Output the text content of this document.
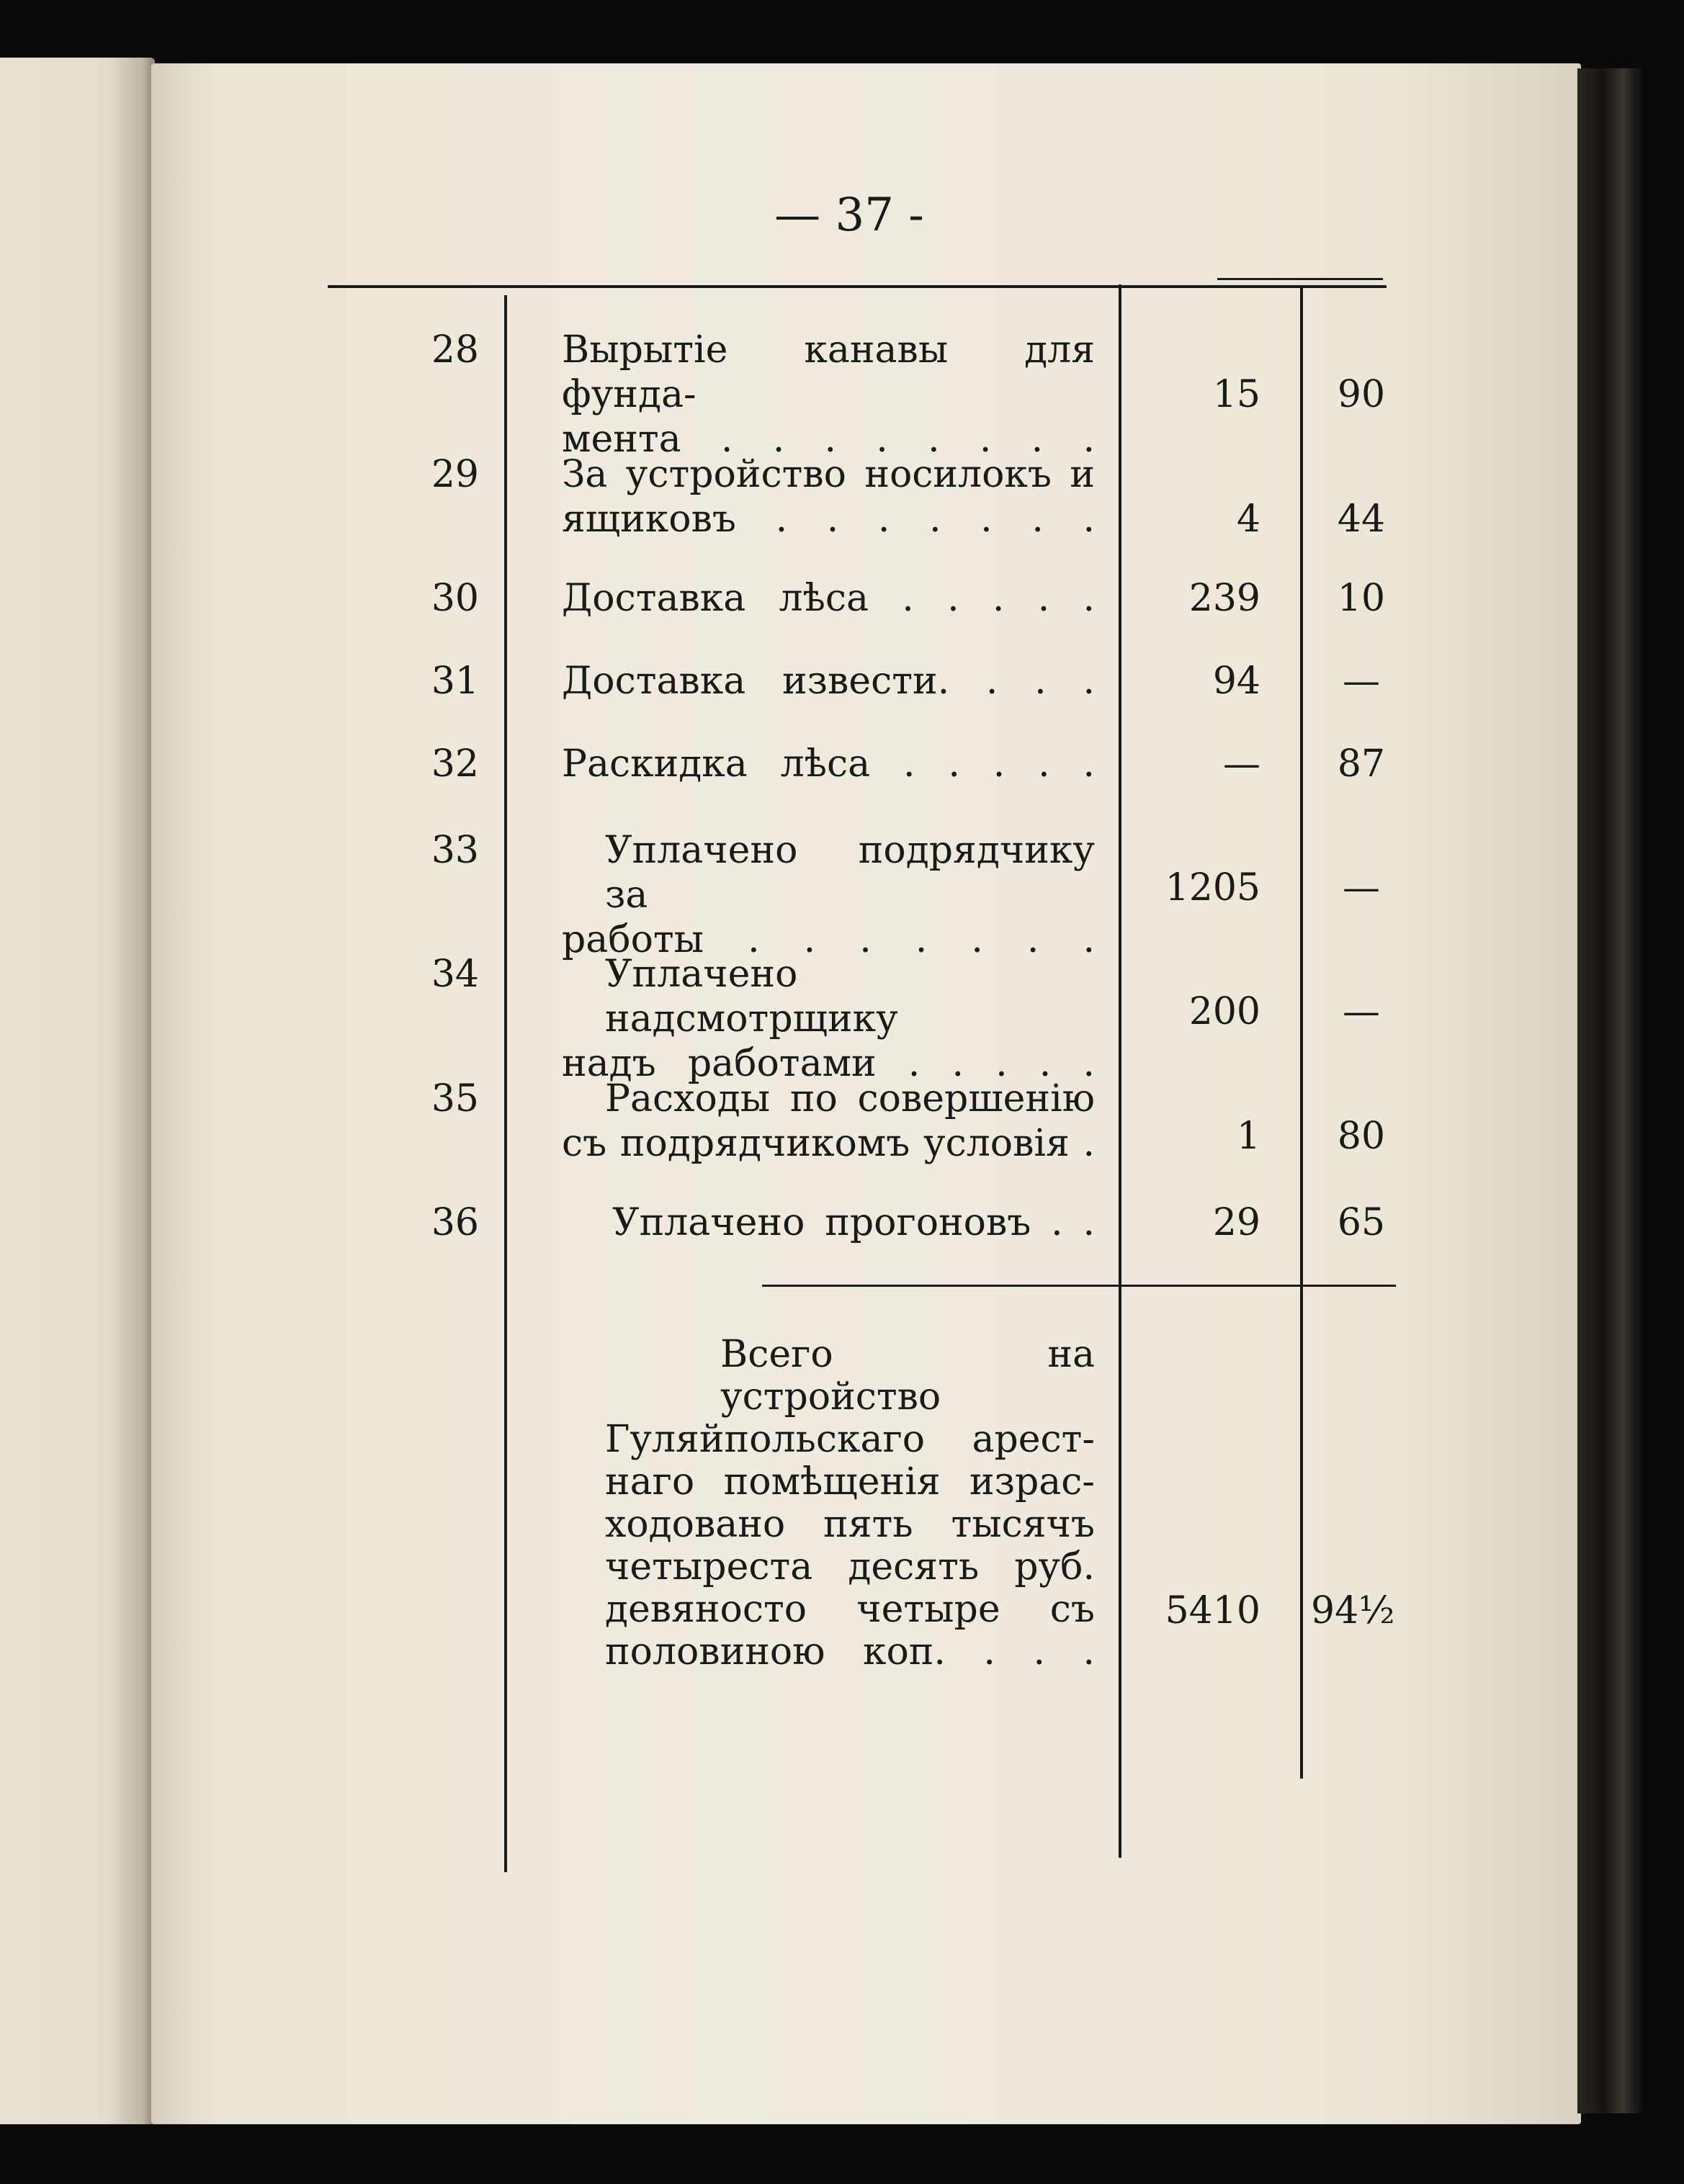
— 37 -
28 Вырытіе канавы для фунда-
мента . . . . . . . .
15	90
29 За устройство носилокъ и
ящиковъ . . . . . . .	4	44
30 Доставка лѣса . . . . .	239	10
31 Доставка извести. . . .	94	—
32 Раскидка лѣса . . . . .	—	87
33	Уплачено подрядчику за
работы . . . . . . .
1205	—
34	Уплачено надсмотрщику
надъ работами . . . . .
200	—
35	Расходы по совершенію
съ подрядчикомъ условія .	1	80
36	Уплачено прогоновъ . .	29	65
Всего на устройство
Гуляйпольскаго арест-
наго помѣщенія израс-
ходовано пять тысячъ
четыреста десять руб.
девяносто четыре съ
половиною коп. . . .
5410 94½
